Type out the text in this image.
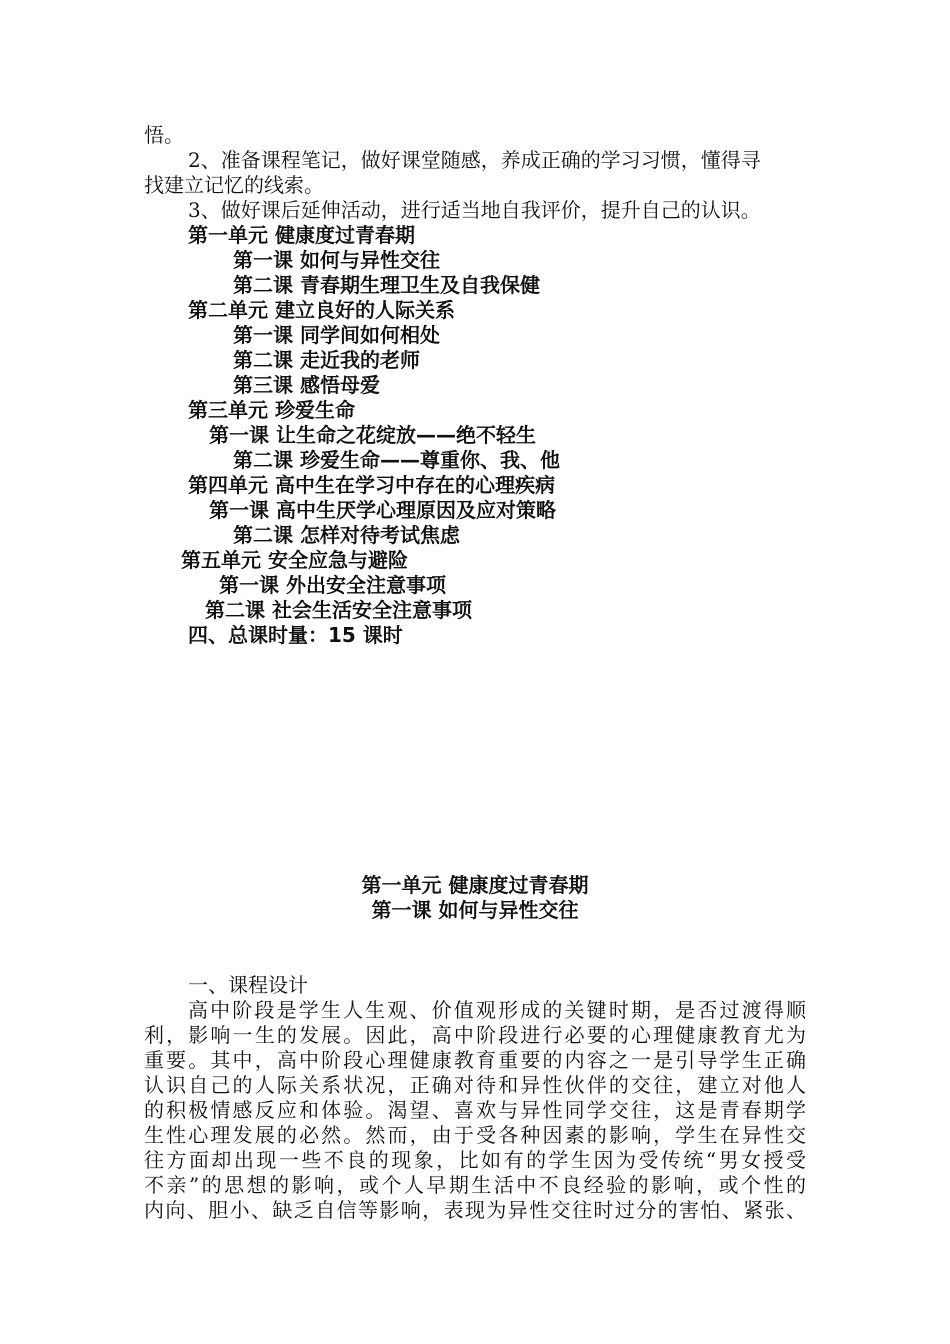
悟。
2、准备课程笔记，做好课堂随感，养成正确的学习习惯，懂得寻
找建立记忆的线索。
3、做好课后延伸活动，进行适当地自我评价，提升自己的认识。
第一单元 健康度过青春期
第一课 如何与异性交往
第二课 青春期生理卫生及自我保健
第二单元 建立良好的人际关系
第一课 同学间如何相处
第二课 走近我的老师
第三课 感悟母爱
第三单元 珍爱生命
第一课 让生命之花绽放——绝不轻生
第二课 珍爱生命——尊重你、我、他
第四单元 高中生在学习中存在的心理疾病
第一课 高中生厌学心理原因及应对策略
第二课 怎样对待考试焦虑
第五单元 安全应急与避险
第一课 外出安全注意事项
第二课 社会生活安全注意事项
四、总课时量：15 课时
第一单元 健康度过青春期
第一课 如何与异性交往
一、课程设计
高中阶段是学生人生观、价值观形成的关键时期，是否过渡得顺
利，影响一生的发展。因此，高中阶段进行必要的心理健康教育尤为
重要。其中，高中阶段心理健康教育重要的内容之一是引导学生正确
认识自己的人际关系状况，正确对待和异性伙伴的交往，建立对他人
的积极情感反应和体验。渴望、喜欢与异性同学交往，这是青春期学
生性心理发展的必然。然而，由于受各种因素的影响，学生在异性交
往方面却出现一些不良的现象，比如有的学生因为受传统“男女授受
不亲”的思想的影响，或个人早期生活中不良经验的影响，或个性的
内向、胆小、缺乏自信等影响，表现为异性交往时过分的害怕、紧张、
